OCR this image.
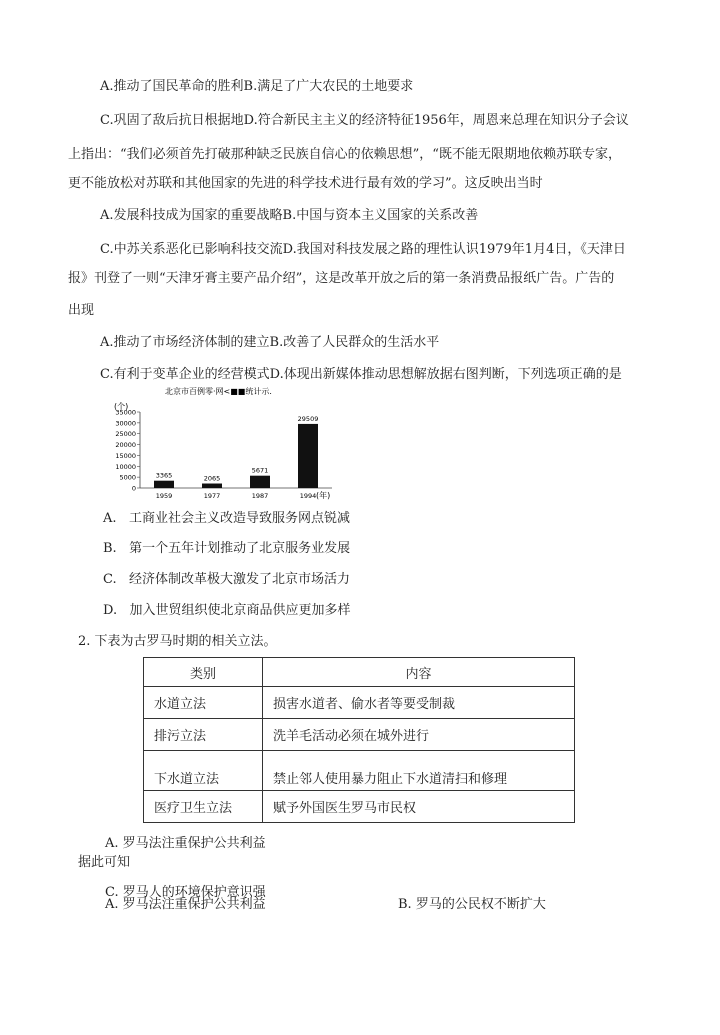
A.推动了国民革命的胜利B.满足了广大农民的土地要求
C.巩固了敌后抗日根据地D.符合新民主主义的经济特征1956年，周恩来总理在知识分子会议
上指出：“我们必须首先打破那种缺乏民族自信心的依赖思想”，“既不能无限期地依赖苏联专家，
更不能放松对苏联和其他国家的先进的科学技术进行最有效的学习”。这反映出当时
A.发展科技成为国家的重要战略B.中国与资本主义国家的关系改善
C.中苏关系恶化已影响科技交流D.我国对科技发展之路的理性认识1979年1月4日，《天津日
报》刊登了一则“天津牙膏主要产品介绍”，这是改革开放之后的第一条消费品报纸广告。广告的
出现
A.推动了市场经济体制的建立B.改善了人民群众的生活水平
C.有利于变革企业的经营模式D.体现出新媒体推动思想解放据右图判断，下列选项正确的是
北京市百例零·网<■■统计示.
(个)
(年)
35000
30000
25000
20000
15000
10000
5000
0
3365
1959
2065
1977
5671
1987
29509
1994
A. 工商业社会主义改造导致服务网点锐减
B. 第一个五年计划推动了北京服务业发展
C. 经济体制改革极大激发了北京市场活力
D. 加入世贸组织使北京商品供应更加多样
2. 下表为古罗马时期的相关立法。
类别	内容
水道立法	损害水道者、偷水者等要受制裁
排污立法	洗羊毛活动必须在城外进行
下水道立法	禁止邻人使用暴力阻止下水道清扫和修理
医疗卫生立法	赋予外国医生罗马市民权
A. 罗马法注重保护公共利益
据此可知
C. 罗马人的环境保护意识强
A. 罗马法注重保护公共利益	B. 罗马的公民权不断扩大
